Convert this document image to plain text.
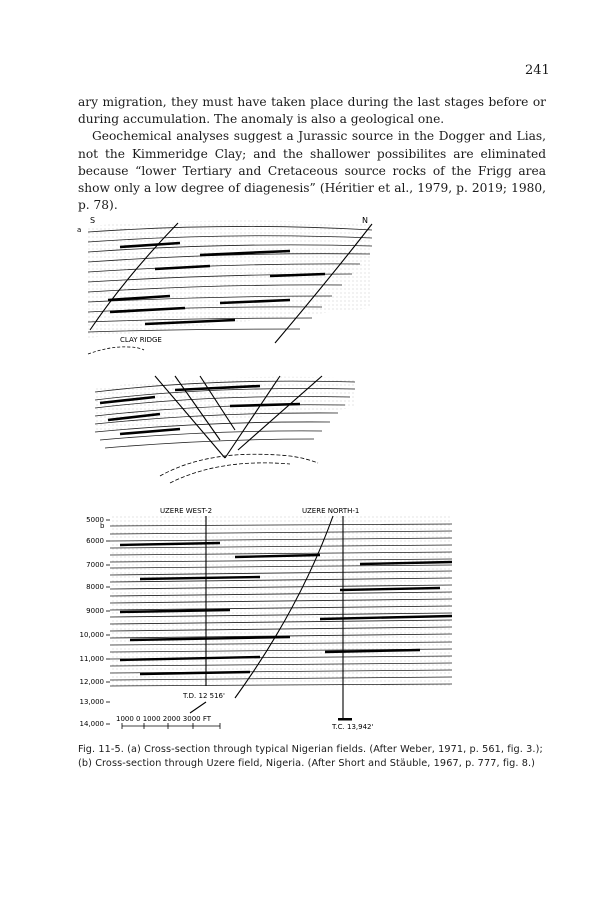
241

ary migration, they must have taken place during the last stages before or during accumulation. The anomaly is also a geological one.

Geochemical analyses suggest a Jurassic source in the Dogger and Lias, not the Kimmeridge Clay; and the shallower possibilites are eliminated because “lower Tertiary and Cretaceous source rocks of the Frigg area show only a low degree of diagenesis” (Héritier et al., 1979, p. 2019; 1980, p. 78).

S	N
a
CLAY RIDGE
b
UZERE WEST-2	UZERE NORTH-1
5000
6000
7000
8000
9000
10,000
11,000
12,000
13,000
14,000
T.D. 12 516'
T.C. 13,942'
1000 0 1000 2000 3000 FT
Fig. 11-5. (a) Cross-section through typical Nigerian fields. (After Weber, 1971, p. 561, fig. 3.); (b) Cross-section through Uzere field, Nigeria. (After Short and Stäuble, 1967, p. 777, fig. 8.)
